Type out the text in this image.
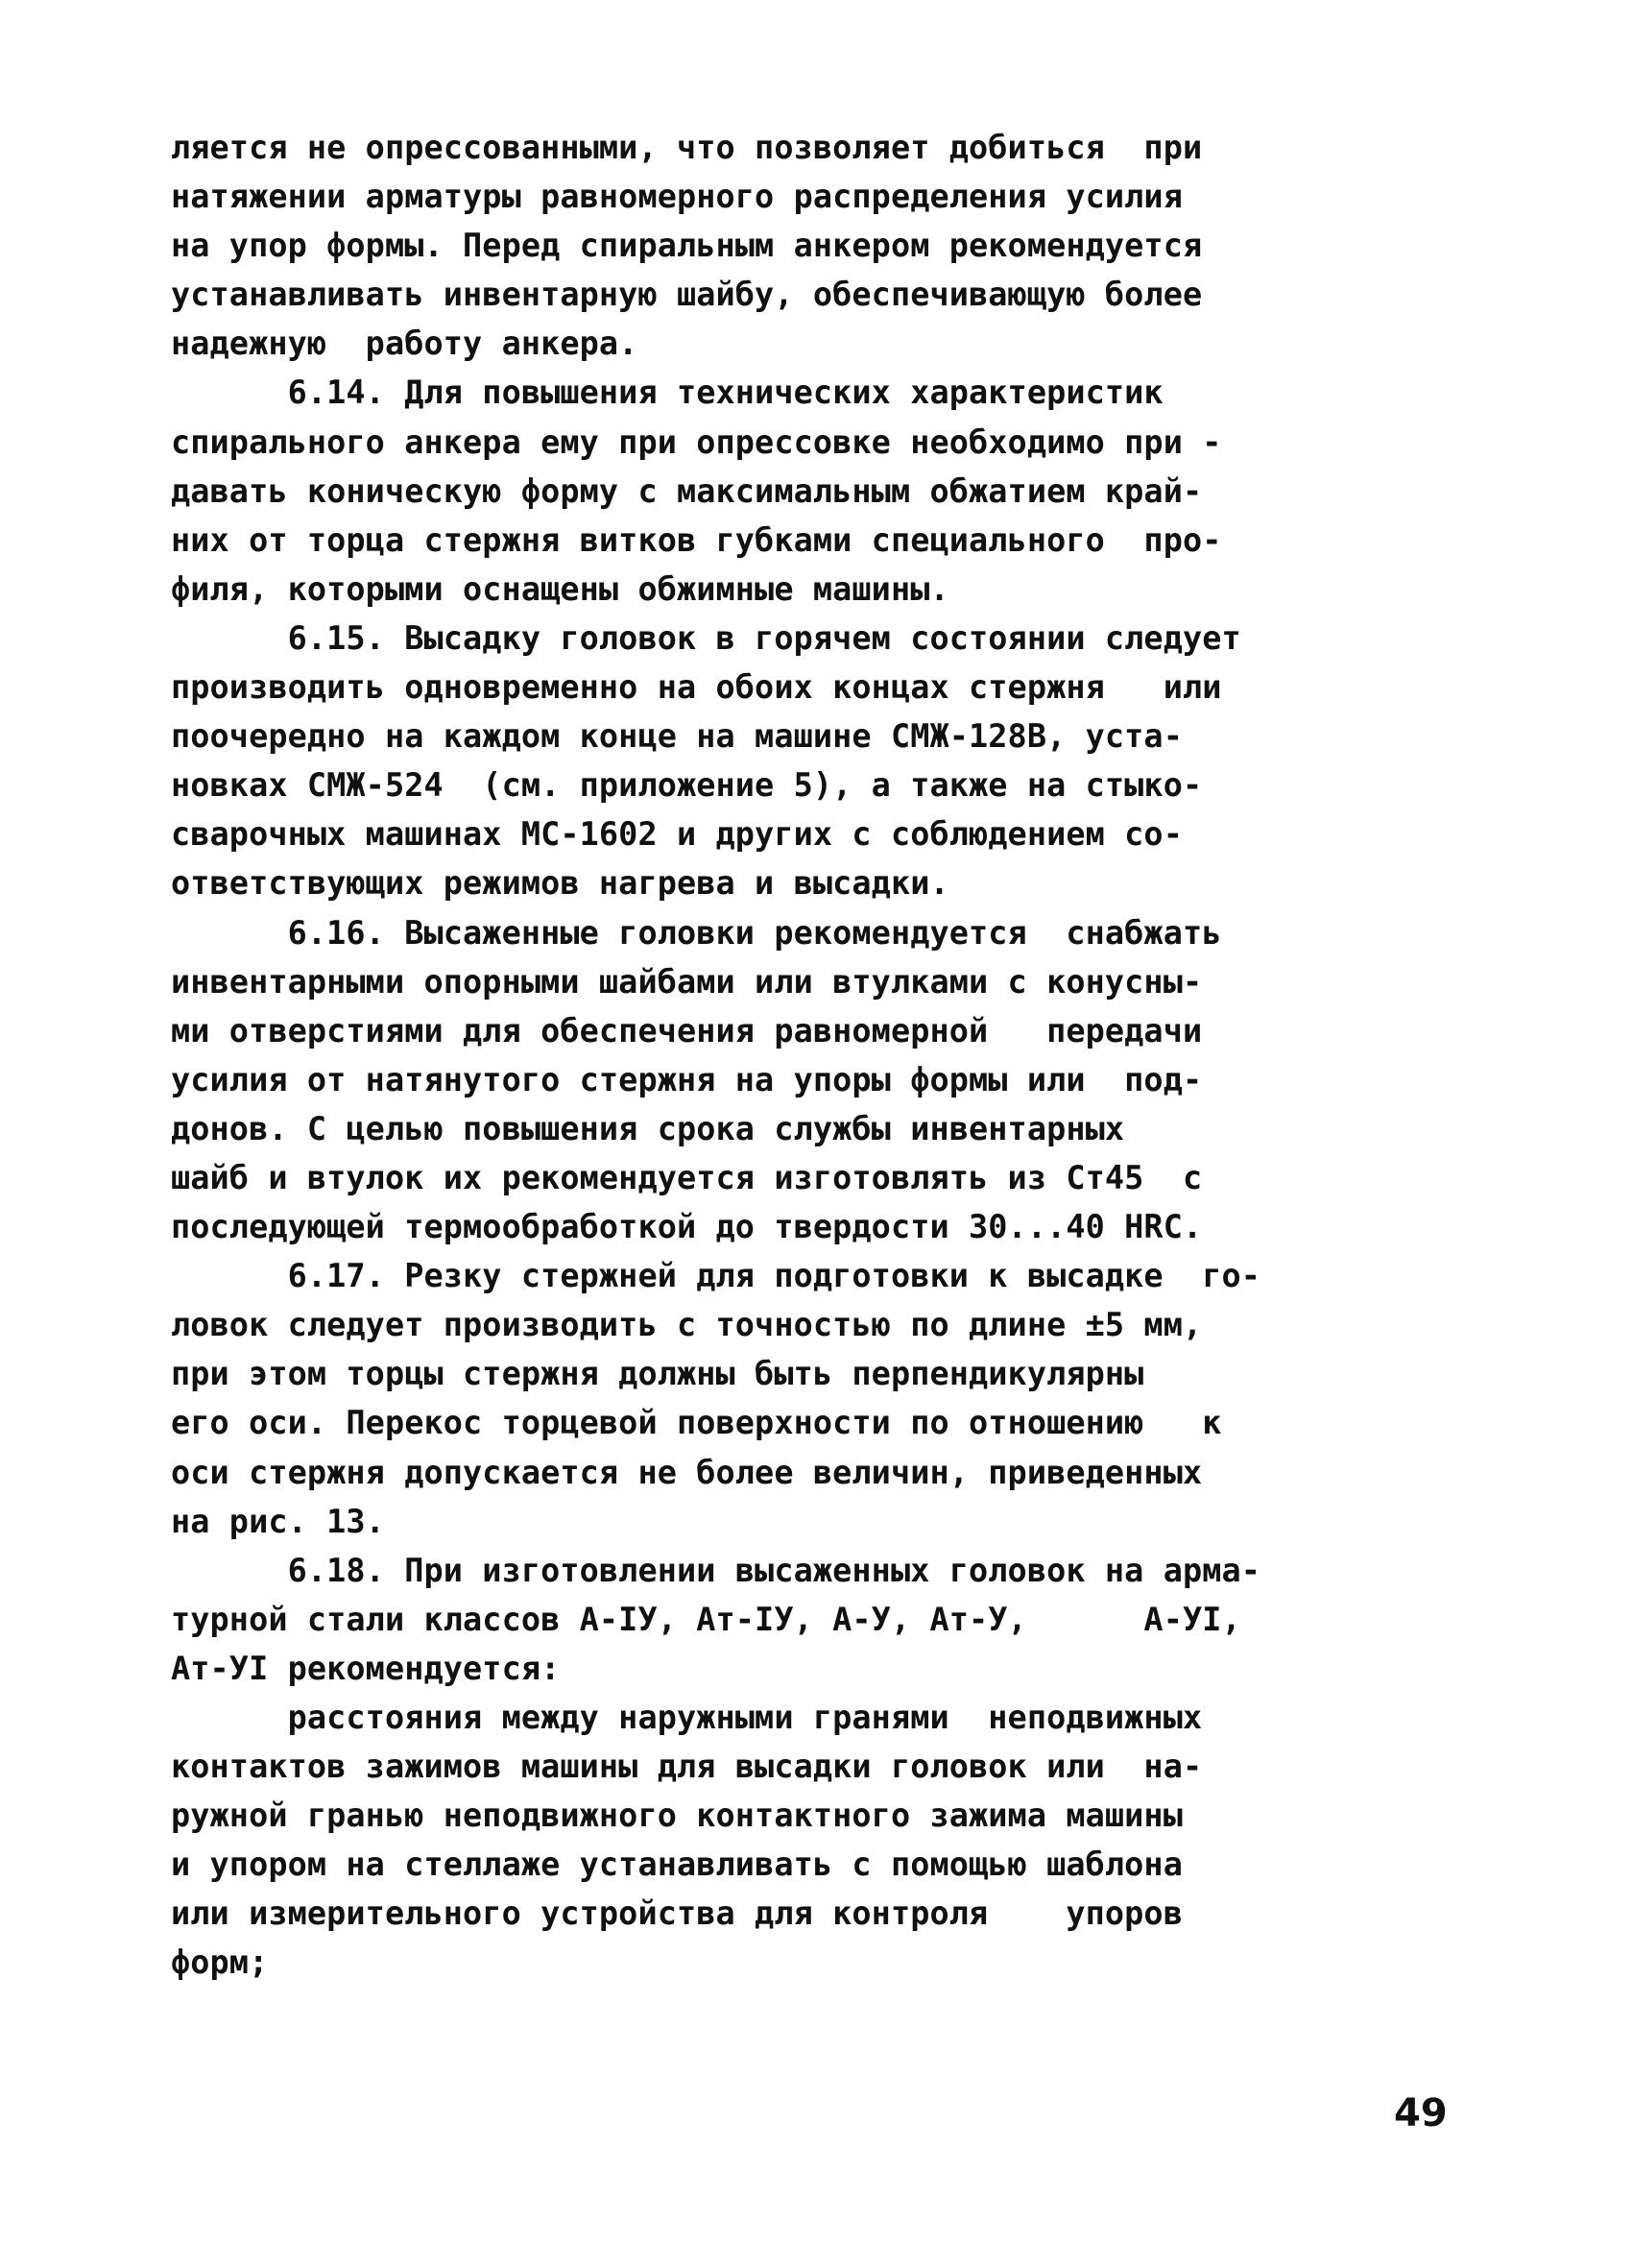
ляется не опрессованными, что позволяет добиться  при
натяжении арматуры равномерного распределения усилия
на упор формы. Перед спиральным анкером рекомендуется
устанавливать инвентарную шайбу, обеспечивающую более
надежную  работу анкера.
6.14. Для повышения технических характеристик
спирального анкера ему при опрессовке необходимо при -
давать коническую форму с максимальным обжатием край-
них от торца стержня витков губками специального  про-
филя, которыми оснащены обжимные машины.
6.15. Высадку головок в горячем состоянии следует
производить одновременно на обоих концах стержня   или
поочередно на каждом конце на машине СМЖ-128В, уста-
новках СМЖ-524  (см. приложение 5), а также на стыко-
сварочных машинах МС-1602 и других с соблюдением со-
ответствующих режимов нагрева и высадки.
6.16. Высаженные головки рекомендуется  снабжать
инвентарными опорными шайбами или втулками с конусны-
ми отверстиями для обеспечения равномерной   передачи
усилия от натянутого стержня на упоры формы или  под-
донов. С целью повышения срока службы инвентарных
шайб и втулок их рекомендуется изготовлять из Ст45  с
последующей термообработкой до твердости 30...40 НRС.
6.17. Резку стержней для подготовки к высадке  го-
ловок следует производить с точностью по длине ±5 мм,
при этом торцы стержня должны быть перпендикулярны
его оси. Перекос торцевой поверхности по отношению   к
оси стержня допускается не более величин, приведенных
на рис. 13.
6.18. При изготовлении высаженных головок на арма-
турной стали классов А-IУ, Ат-IУ, А-У, Ат-У,      А-УI,
Ат-УI рекомендуется:
расстояния между наружными гранями  неподвижных
контактов зажимов машины для высадки головок или  на-
ружной гранью неподвижного контактного зажима машины
и упором на стеллаже устанавливать с помощью шаблона
или измерительного устройства для контроля    упоров
форм;
49
